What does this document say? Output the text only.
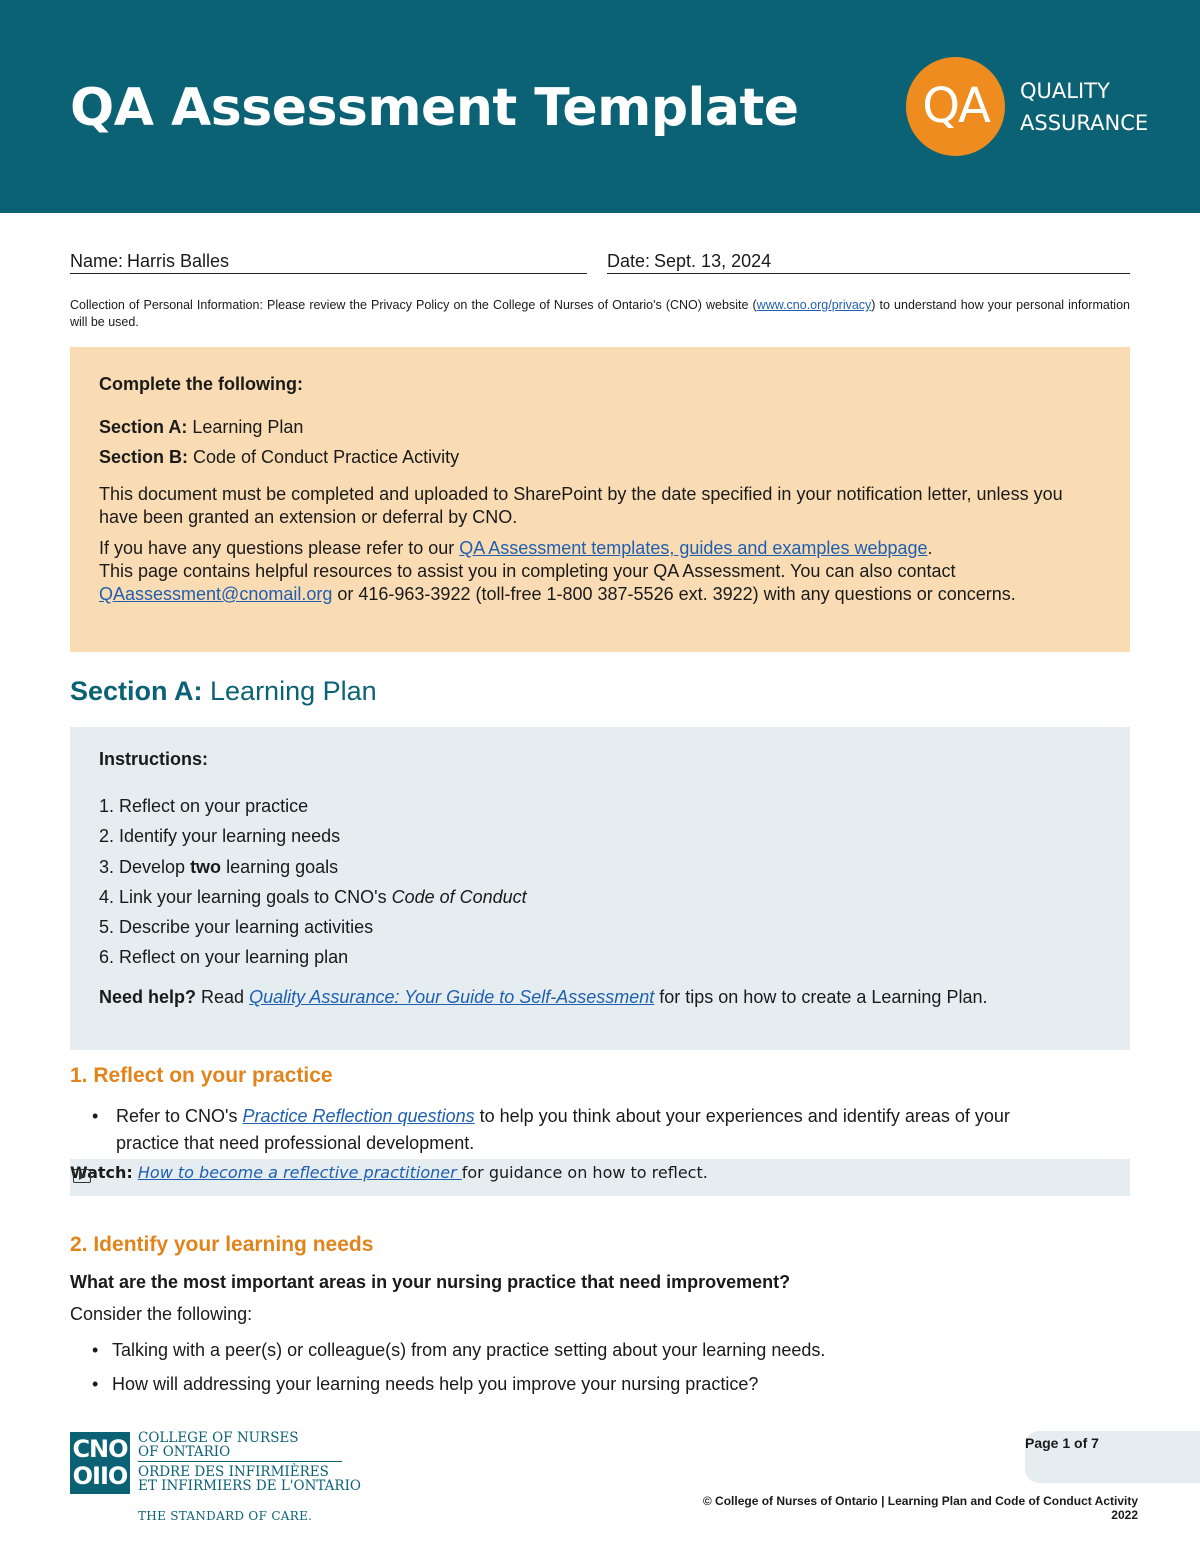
QA Assessment Template	QA	QUALITY
ASSURANCE
Name: Harris Balles	Date: Sept. 13, 2024

Collection of Personal Information: Please review the Privacy Policy on the College of Nurses of Ontario's (CNO) website (www.cno.org/privacy) to understand how your personal information will be used.

Complete the following:

Section A: Learning Plan

Section B: Code of Conduct Practice Activity

This document must be completed and uploaded to SharePoint by the date specified in your notification letter, unless you have been granted an extension or deferral by CNO.

If you have any questions please refer to our QA Assessment templates, guides and examples webpage.

This page contains helpful resources to assist you in completing your QA Assessment. You can also contact QAassessment@cnomail.org or 416-963-3922 (toll-free 1-800 387-5526 ext. 3922) with any questions or concerns.

Section A: Learning Plan

Instructions:

1. Reflect on your practice
2. Identify your learning needs
3. Develop two learning goals
4. Link your learning goals to CNO's Code of Conduct
5. Describe your learning activities
6. Reflect on your learning plan

Need help? Read Quality Assurance: Your Guide to Self-Assessment for tips on how to create a Learning Plan.

1. Reflect on your practice
• Refer to CNO's Practice Reflection questions to help you think about your experiences and identify areas of your practice that need professional development.
Watch: How to become a reflective practitioner for guidance on how to reflect.
2. Identify your learning needs
What are the most important areas in your nursing practice that need improvement?
Consider the following:
• Talking with a peer(s) or colleague(s) from any practice setting about your learning needs.
• How will addressing your learning needs help you improve your nursing practice?
CNO
OIIO
COLLEGE OF NURSES
OF ONTARIO
ORDRE DES INFIRMIÈRES
ET INFIRMIERS DE L'ONTARIO
THE STANDARD OF CARE.
Page 1 of 7
© College of Nurses of Ontario | Learning Plan and Code of Conduct Activity 2022
